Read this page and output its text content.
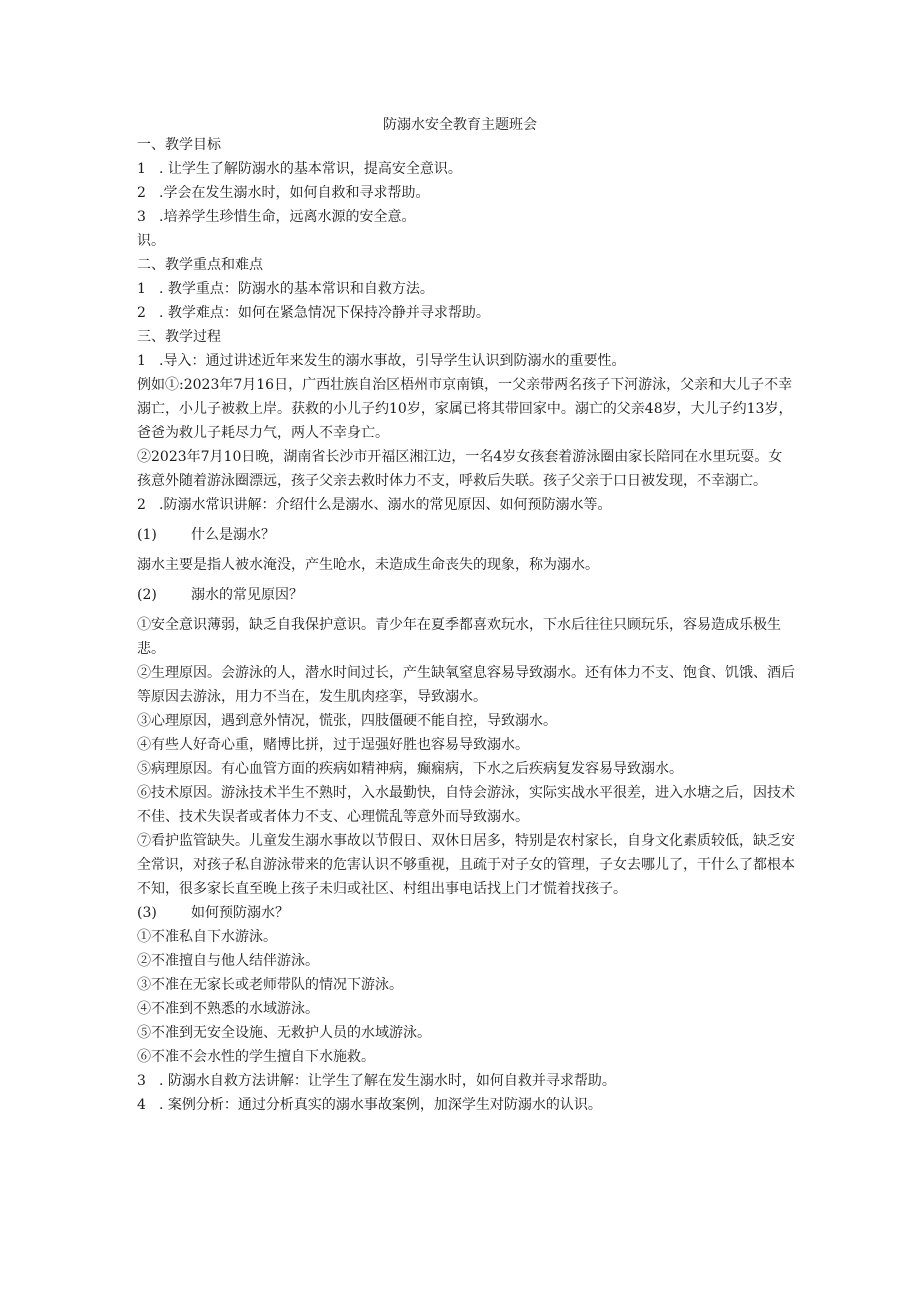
防溺水安全教育主题班会

一、教学目标

1 . 让学生了解防溺水的基本常识，提高安全意识。

2 .学会在发生溺水时，如何自救和寻求帮助。

3 .培养学生珍惜生命，远离水源的安全意。

识。

二、教学重点和难点

1 . 教学重点：防溺水的基本常识和自救方法。

2 . 教学难点：如何在紧急情况下保持冷静并寻求帮助。

三、教学过程

1 .导入：通过讲述近年来发生的溺水事故，引导学生认识到防溺水的重要性。

例如①:2023年7月16日，广西壮族自治区梧州市京南镇，一父亲带两名孩子下河游泳，父亲和大儿子不幸溺亡，小儿子被救上岸。获救的小儿子约10岁，家属已将其带回家中。溺亡的父亲48岁，大儿子约13岁，爸爸为救儿子耗尽力气，两人不幸身亡。

②2023年7月10日晚，湖南省长沙市开福区湘江边，一名4岁女孩套着游泳圈由家长陪同在水里玩耍。女孩意外随着游泳圈漂远，孩子父亲去救时体力不支，呼救后失联。孩子父亲于口日被发现，不幸溺亡。

2 .防溺水常识讲解：介绍什么是溺水、溺水的常见原因、如何预防溺水等。

(1) 什么是溺水？

溺水主要是指人被水淹没，产生呛水，未造成生命丧失的现象，称为溺水。

(2) 溺水的常见原因？

①安全意识薄弱，缺乏自我保护意识。青少年在夏季都喜欢玩水，下水后往往只顾玩乐，容易造成乐极生悲。

②生理原因。会游泳的人，潜水时间过长，产生缺氧窒息容易导致溺水。还有体力不支、饱食、饥饿、酒后等原因去游泳，用力不当在，发生肌肉痉挛，导致溺水。

③心理原因，遇到意外情况，慌张，四肢僵硬不能自控，导致溺水。

④有些人好奇心重，赌博比拼，过于逞强好胜也容易导致溺水。

⑤病理原因。有心血管方面的疾病如精神病，癫痫病，下水之后疾病复发容易导致溺水。

⑥技术原因。游泳技术半生不熟时，入水最勤快，自恃会游泳，实际实战水平很差，进入水塘之后，因技术不佳、技术失误者或者体力不支、心理慌乱等意外而导致溺水。

⑦看护监管缺失。儿童发生溺水事故以节假日、双休日居多，特别是农村家长，自身文化素质较低，缺乏安全常识，对孩子私自游泳带来的危害认识不够重视，且疏于对子女的管理，子女去哪儿了，干什么了都根本不知，很多家长直至晚上孩子未归或社区、村组出事电话找上门才慌着找孩子。

(3) 如何预防溺水？

①不准私自下水游泳。

②不准擅自与他人结伴游泳。

③不准在无家长或老师带队的情况下游泳。

④不准到不熟悉的水域游泳。

⑤不准到无安全设施、无救护人员的水域游泳。

⑥不准不会水性的学生擅自下水施救。

3 . 防溺水自救方法讲解：让学生了解在发生溺水时，如何自救并寻求帮助。

4 . 案例分析：通过分析真实的溺水事故案例，加深学生对防溺水的认识。
